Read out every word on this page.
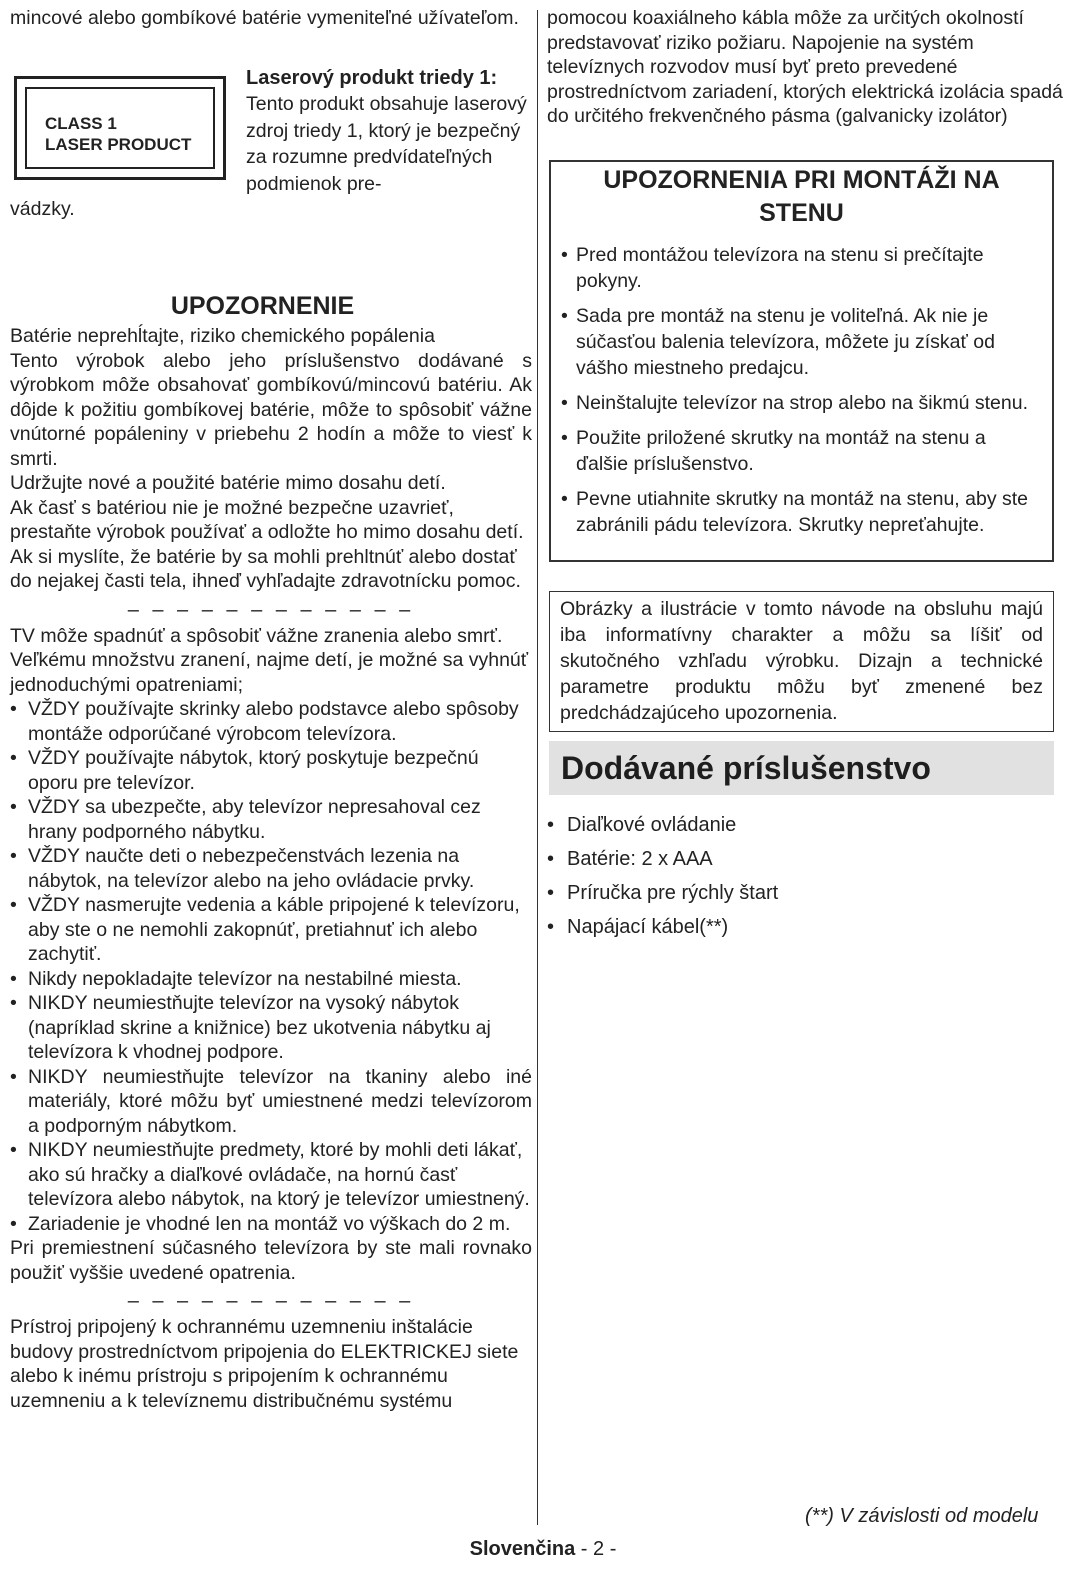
mincové alebo gombíkové batérie vymeniteľné užívateľom.

CLASS 1
LASER PRODUCT
Laserový produkt triedy 1:

Tento produkt obsahuje laserový zdroj triedy 1, ktorý je bezpečný za rozumne predvídateľných podmienok pre-

vádzky.

UPOZORNENIE

Batérie neprehĺtajte, riziko chemického popálenia

Tento výrobok alebo jeho príslušenstvo dodávané s výrobkom môže obsahovať gombíkovú/mincovú batériu. Ak dôjde k požitiu gombíkovej batérie, môže to spôsobiť vážne vnútorné popáleniny v priebehu 2 hodín a môže to viesť k smrti.

Udržujte nové a použité batérie mimo dosahu detí.

Ak časť s batériou nie je možné bezpečne uzavrieť, prestaňte výrobok používať a odložte ho mimo dosahu detí.

Ak si myslíte, že batérie by sa mohli prehltnúť alebo dostať do nejakej časti tela, ihneď vyhľadajte zdravotnícku pomoc.

– – – – – – – – – – – –

TV môže spadnúť a spôsobiť vážne zranenia alebo smrť. Veľkému množstvu zranení, najme detí, je možné sa vyhnúť jednoduchými opatreniami;

• VŽDY používajte skrinky alebo podstavce alebo spôsoby montáže odporúčané výrobcom televízora.
• VŽDY používajte nábytok, ktorý poskytuje bezpečnú oporu pre televízor.
• VŽDY sa ubezpečte, aby televízor nepresahoval cez hrany podporného nábytku.
• VŽDY naučte deti o nebezpečenstvách lezenia na nábytok, na televízor alebo na jeho ovládacie prvky.
• VŽDY nasmerujte vedenia a káble pripojené k televízoru, aby ste o ne nemohli zakopnúť, pretiahnuť ich alebo zachytiť.
• Nikdy nepokladajte televízor na nestabilné miesta.
• NIKDY neumiestňujte televízor na vysoký nábytok (napríklad skrine a knižnice) bez ukotvenia nábytku aj televízora k vhodnej podpore.
• NIKDY neumiestňujte televízor na tkaniny alebo iné materiály, ktoré môžu byť umiestnené medzi televízorom a podporným nábytkom.
• NIKDY neumiestňujte predmety, ktoré by mohli deti lákať, ako sú hračky a diaľkové ovládače, na hornú časť televízora alebo nábytok, na ktorý je televízor umiestnený.
• Zariadenie je vhodné len na montáž vo výškach do 2 m.

Pri premiestnení súčasného televízora by ste mali rovnako použiť vyššie uvedené opatrenia.

– – – – – – – – – – – –

Prístroj pripojený k ochrannému uzemneniu inštalácie budovy prostredníctvom pripojenia do ELEKTRICKEJ siete alebo k inému prístroju s pripojením k ochrannému uzemneniu a k televíznemu distribučnému systému

pomocou koaxiálneho kábla môže za určitých okolností predstavovať riziko požiaru. Napojenie na systém televíznych rozvodov musí byť preto prevedené prostredníctvom zariadení, ktorých elektrická izolácia spadá do určitého frekvenčného pásma (galvanicky izolátor)

UPOZORNENIA PRI MONTÁŽI NA STENU
• Pred montážou televízora na stenu si prečítajte pokyny.
• Sada pre montáž na stenu je voliteľná. Ak nie je súčasťou balenia televízora, môžete ju získať od vášho miestneho predajcu.
• Neinštalujte televízor na strop alebo na šikmú stenu.
• Použite priložené skrutky na montáž na stenu a ďalšie príslušenstvo.
• Pevne utiahnite skrutky na montáž na stenu, aby ste zabránili pádu televízora. Skrutky nepreťahujte.

Obrázky a ilustrácie v tomto návode na obsluhu majú iba informatívny charakter a môžu sa líšiť od skutočného vzhľadu výrobku. Dizajn a technické parametre produktu môžu byť zmenené bez predchádzajúceho upozornenia.

Dodávané príslušenstvo
• Diaľkové ovládanie
• Batérie: 2 x AAA
• Príručka pre rýchly štart
• Napájací kábel(**)
(**) V závislosti od modelu
Slovenčina - 2 -
